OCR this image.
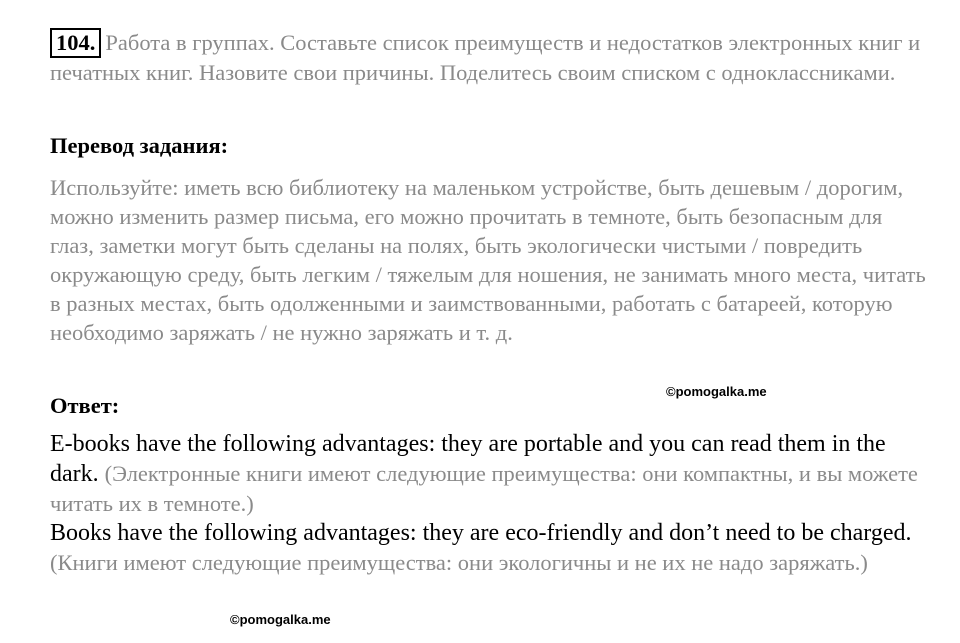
104. Работа в группах. Составьте список преимуществ и недостатков электронных книг и печатных книг. Назовите свои причины. Поделитесь своим списком с одноклассниками.
Перевод задания:
Используйте: иметь всю библиотеку на маленьком устройстве, быть дешевым / дорогим, можно изменить размер письма, его можно прочитать в темноте, быть безопасным для глаз, заметки могут быть сделаны на полях, быть экологически чистыми / повредить окружающую среду, быть легким / тяжелым для ношения, не занимать много места, читать в разных местах, быть одолженными и заимствованными, работать с батареей, которую необходимо заряжать / не нужно заряжать и т. д.
Ответ:

E-books have the following advantages: they are portable and you can read them in the dark. (Электронные книги имеют следующие преимущества: они компактны, и вы можете читать их в темноте.)

Books have the following advantages: they are eco-friendly and don’t need to be charged. (Книги имеют следующие преимущества: они экологичны и не их не надо заряжать.)

©pomogalka.me
©pomogalka.me
